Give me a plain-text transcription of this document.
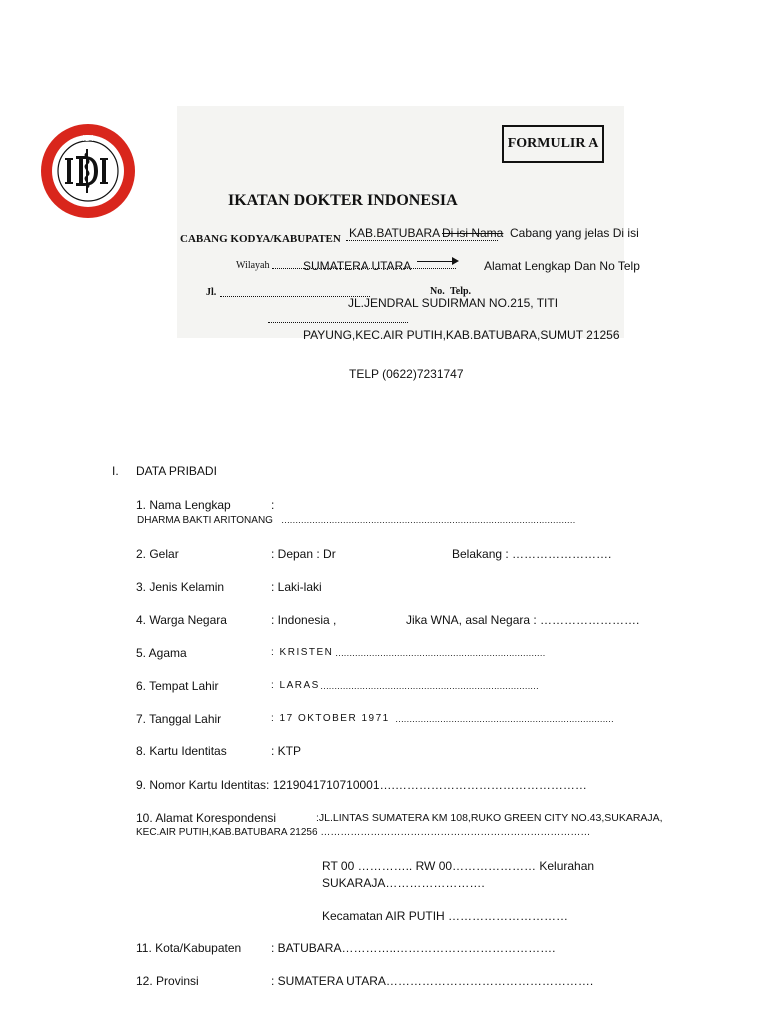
IDI	FORMULIR A
IKATAN DOKTER INDONESIA
CABANG KODYA/KABUPATEN KAB.BATUBARA Di isi Nama Cabang yang jelas Di isi
Wilayah	SUMATERA UTARA	Alamat Lengkap Dan No Telp
Jl.	No. Telp.
JL.JENDRAL SUDIRMAN NO.215, TITI
PAYUNG,KEC.AIR PUTIH,KAB.BATUBARA,SUMUT 21256
TELP (0622)7231747
I. DATA PRIBADI
1. Nama Lengkap	:
DHARMA BAKTI ARITONANG ……………………………………………………………………………………………
2. Gelar	: Depan : Dr	Belakang : …………………….
3. Jenis Kelamin	: Laki-laki
4. Warga Negara	: Indonesia ,	Jika WNA, asal Negara : …………………….
5. Agama	: KRISTEN …………………………………………………………………
6. Tempat Lahir	: LARAS ……………………………………………………………………
7. Tanggal Lahir	: 17 OKTOBER 1971 ……………………………………………………………………
8. Kartu Identitas	: KTP
9. Nomor Kartu Identitas: 1219041710710001….…………………………………………
10. Alamat Korespondensi	:JL.LINTAS SUMATERA KM 108,RUKO GREEN CITY NO.43,SUKARAJA,
KEC.AIR PUTIH,KAB.BATUBARA 21256 ………………………………………………………………………
RT 00 ………….. RW 00………………… Kelurahan
SUKARAJA…………………….
Kecamatan AIR PUTIH …………………………
11. Kota/Kabupaten : BATUBARA…………..………………………………….
12. Provinsi	: SUMATERA UTARA…………………………………………….
